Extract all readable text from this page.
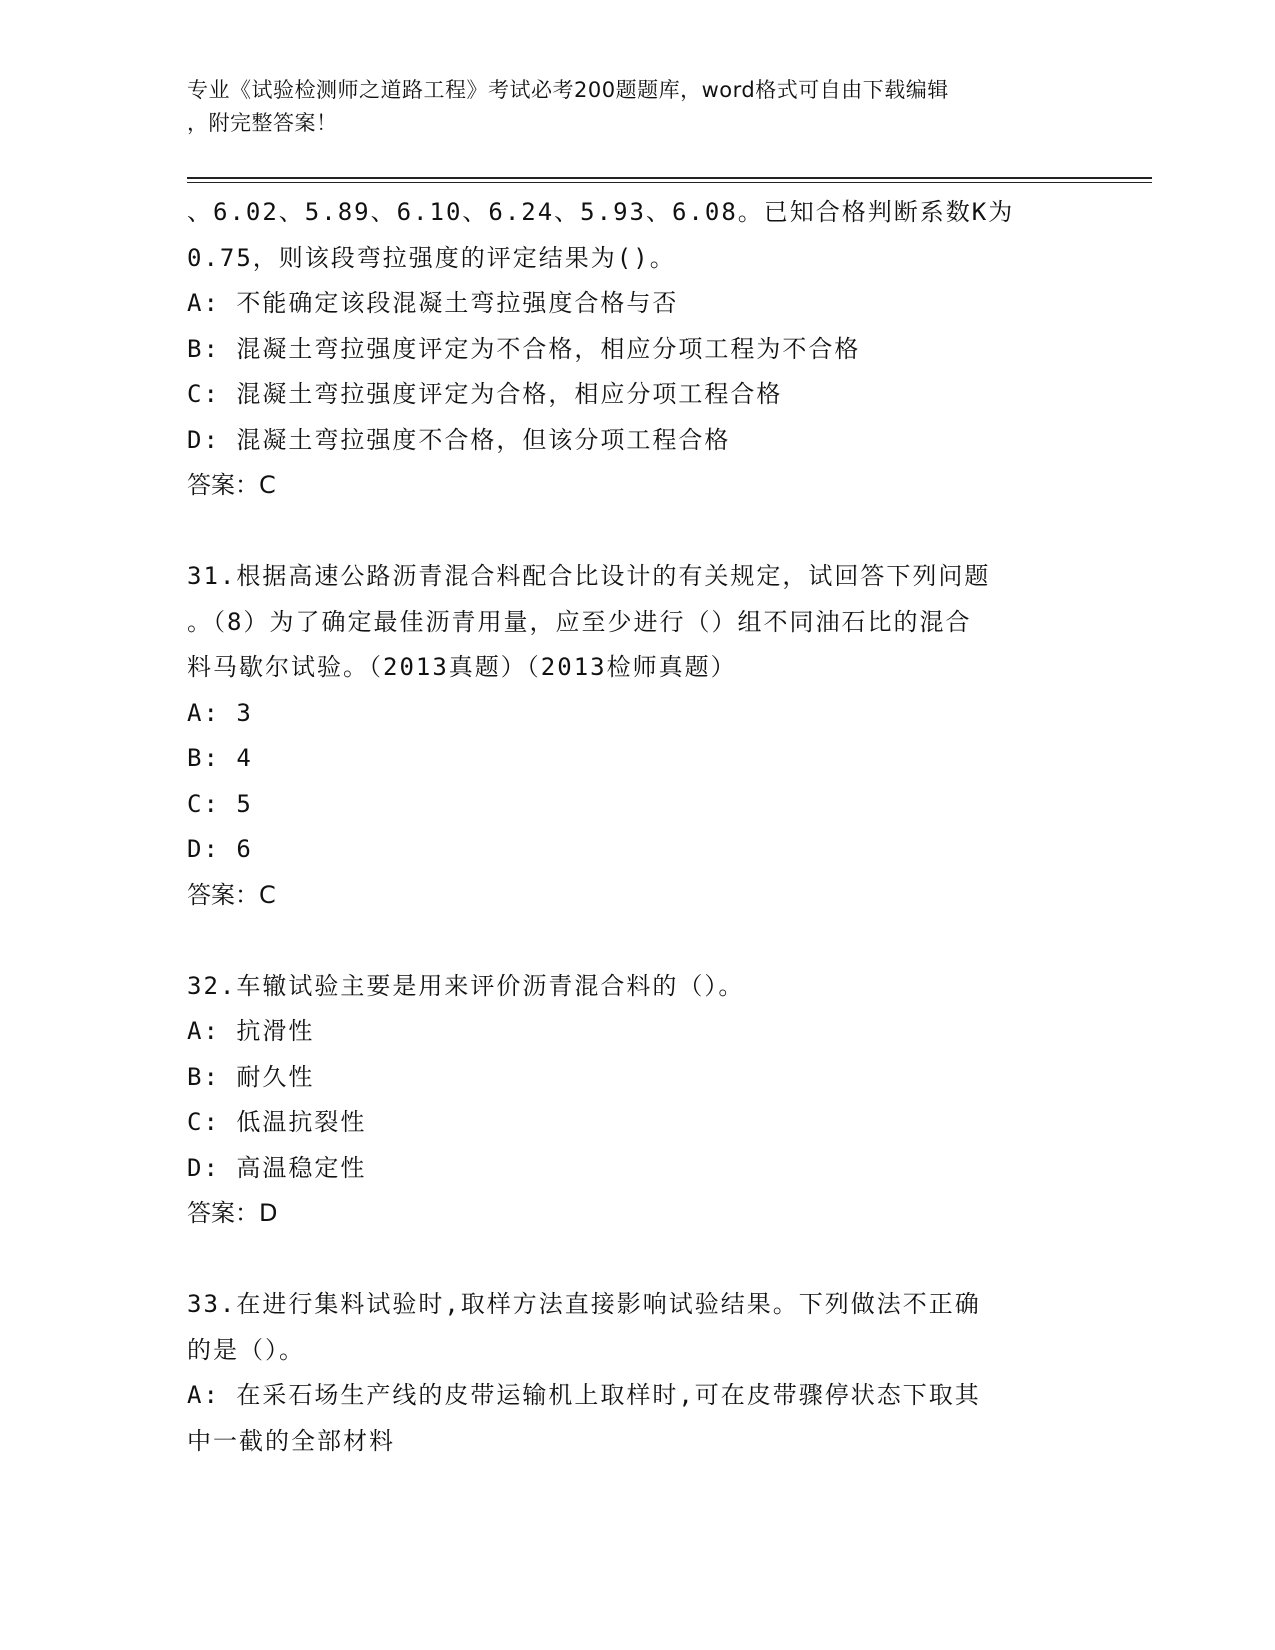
专业《试验检测师之道路工程》考试必考200题题库，word格式可自由下载编辑
，附完整答案！
、6.02、5.89、6.10、6.24、5.93、6.08。已知合格判断系数K为
0.75，则该段弯拉强度的评定结果为()。
A: 不能确定该段混凝土弯拉强度合格与否
B: 混凝土弯拉强度评定为不合格，相应分项工程为不合格
C: 混凝土弯拉强度评定为合格，相应分项工程合格
D: 混凝土弯拉强度不合格，但该分项工程合格
答案：C
31.根据高速公路沥青混合料配合比设计的有关规定，试回答下列问题
。（8）为了确定最佳沥青用量，应至少进行（）组不同油石比的混合
料马歇尔试验。（2013真题）（2013检师真题）
A: 3
B: 4
C: 5
D: 6
答案：C
32.车辙试验主要是用来评价沥青混合料的（）。
A: 抗滑性
B: 耐久性
C: 低温抗裂性
D: 高温稳定性
答案：D
33.在进行集料试验时,取样方法直接影响试验结果。下列做法不正确
的是（）。
A: 在采石场生产线的皮带运输机上取样时,可在皮带骤停状态下取其
中一截的全部材料
